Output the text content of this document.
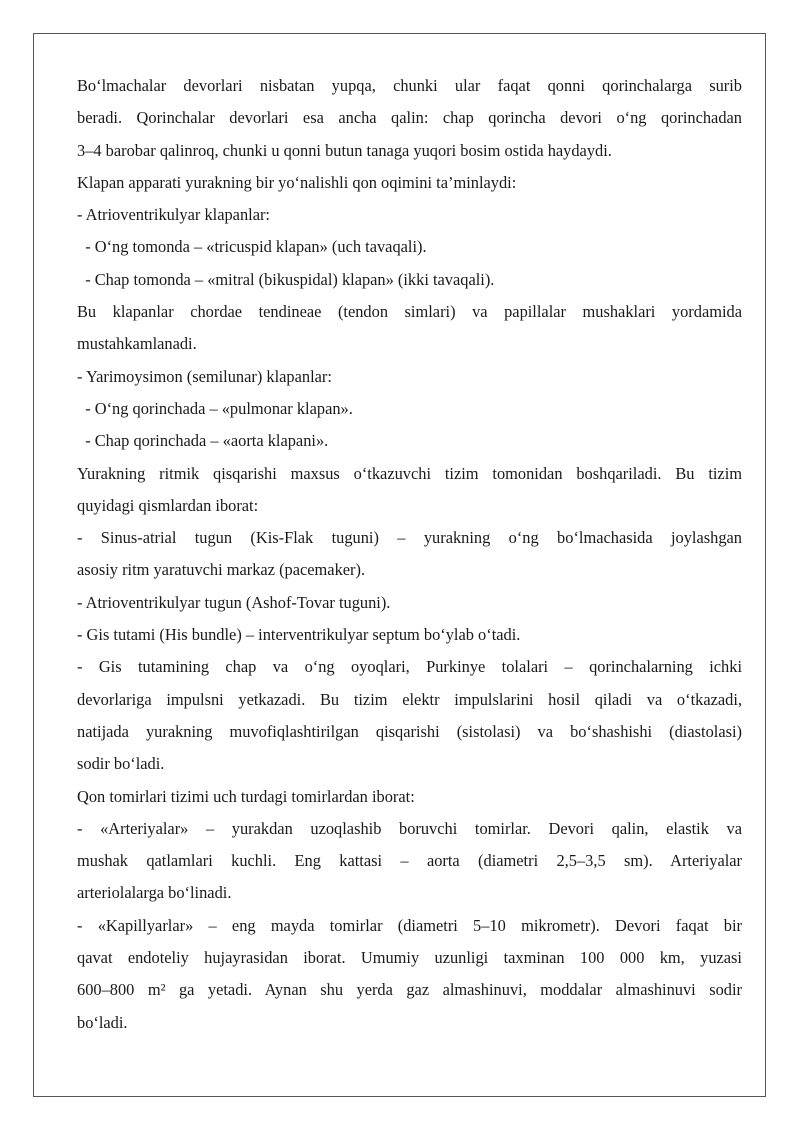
Bo‘lmachalar devorlari nisbatan yupqa, chunki ular faqat qonni qorinchalarga surib
beradi. Qorinchalar devorlari esa ancha qalin: chap qorincha devori o‘ng qorinchadan
3–4 barobar qalinroq, chunki u qonni butun tanaga yuqori bosim ostida haydaydi.
Klapan apparati yurakning bir yo‘nalishli qon oqimini ta’minlaydi:
- Atrioventrikulyar klapanlar:
- O‘ng tomonda – «tricuspid klapan» (uch tavaqali).
- Chap tomonda – «mitral (bikuspidal) klapan» (ikki tavaqali).
Bu klapanlar chordae tendineae (tendon simlari) va papillalar mushaklari yordamida
mustahkamlanadi.
- Yarimoysimon (semilunar) klapanlar:
- O‘ng qorinchada – «pulmonar klapan».
- Chap qorinchada – «aorta klapani».
Yurakning ritmik qisqarishi maxsus o‘tkazuvchi tizim tomonidan boshqariladi. Bu tizim
quyidagi qismlardan iborat:
- Sinus-atrial tugun (Kis-Flak tuguni) – yurakning o‘ng bo‘lmachasida joylashgan
asosiy ritm yaratuvchi markaz (pacemaker).
- Atrioventrikulyar tugun (Ashof-Tovar tuguni).
- Gis tutami (His bundle) – interventrikulyar septum bo‘ylab o‘tadi.
- Gis tutamining chap va o‘ng oyoqlari, Purkinye tolalari – qorinchalarning ichki
devorlariga impulsni yetkazadi. Bu tizim elektr impulslarini hosil qiladi va o‘tkazadi,
natijada yurakning muvofiqlashtirilgan qisqarishi (sistolasi) va bo‘shashishi (diastolasi)
sodir bo‘ladi.
Qon tomirlari tizimi uch turdagi tomirlardan iborat:
- «Arteriyalar» – yurakdan uzoqlashib boruvchi tomirlar. Devori qalin, elastik va
mushak qatlamlari kuchli. Eng kattasi – aorta (diametri 2,5–3,5 sm). Arteriyalar
arteriolalarga bo‘linadi.
- «Kapillyarlar» – eng mayda tomirlar (diametri 5–10 mikrometr). Devori faqat bir
qavat endoteliy hujayrasidan iborat. Umumiy uzunligi taxminan 100 000 km, yuzasi
600–800 m² ga yetadi. Aynan shu yerda gaz almashinuvi, moddalar almashinuvi sodir
bo‘ladi.
